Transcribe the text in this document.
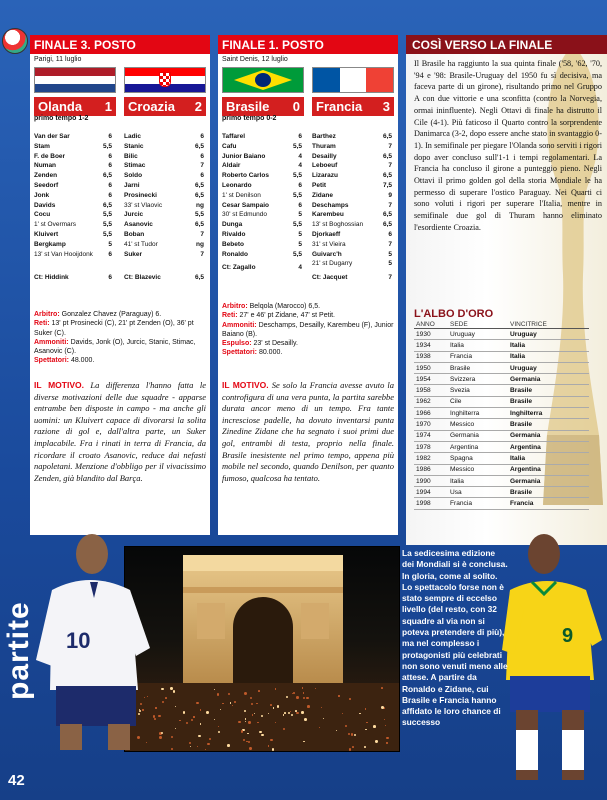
FINALE 3. POSTO
Parigi, 11 luglio
Olanda 1	Croazia 2
primo tempo 1-2
Van der Sar	6
Stam	5,5
F. de Boer	6
Numan	6
Zenden	6,5
Seedorf	6
Jonk	6
Davids	6,5
Cocu	5,5
1' st Overmars	5,5
Kluivert	5,5
Bergkamp	5
13' st Van Hooijdonk 6
Ct: Hiddink	6
Ladic	6
Stanic	6,5
Bilic	6
Stimac	7
Soldo	6
Jarni	6,5
Prosinecki	6,5
33' st Vlaovic	ng
Jurcic	5,5
Asanovic	6,5
Boban	7
41' st Tudor	ng
Suker	7
Ct: Blazevic	6,5
Arbitro: Gonzalez Chavez (Paraguay) 6.
Reti: 13' pt Prosinecki (C), 21' pt Zenden (O), 36' pt Suker (C).
Ammoniti: Davids, Jonk (O), Jurcic, Stanic, Stimac, Asanovic (C).
Spettatori: 48.000.
IL MOTIVO. La differenza l'hanno fatta le diverse motivazioni delle due squadre - apparse entrambe ben disposte in campo - ma anche gli uomini: un Kluivert capace di divorarsi la solita razione di gol e, dall'altra parte, un Suker implacabile. Fra i rinati in terra di Francia, da ricordare il croato Asanovic, reduce dai nefasti napoletani. Menzione d'obbligo per il vivacissimo Zenden, già blandito dal Barça.
FINALE 1. POSTO
Saint Denis, 12 luglio
Brasile 0	Francia 3
primo tempo 0-2
Taffarel	6
Cafu	5,5
Junior Baiano	4
Aldair	4
Roberto Carlos	5,5
Leonardo	6
1' st Denilson	5,5
Cesar Sampaio	6
30' st Edmundo	5
Dunga	5,5
Rivaldo	5
Bebeto	5
Ronaldo	5,5
Ct: Zagallo	4
Barthez	6,5
Thuram	7
Desailly	6,5
Leboeuf	7
Lizarazu	6,5
Petit	7,5
Zidane	9
Deschamps	7
Karembeu	6,5
13' st Boghossian	6,5
Djorkaeff	6
31' st Vieira	7
Guivarc'h	5
21' st Dugarry	5
Ct: Jacquet	7
Arbitro: Belqola (Marocco) 6,5.
Reti: 27' e 46' pt Zidane, 47' st Petit.
Ammoniti: Deschamps, Desailly, Karembeu (F), Junior Baiano (B).
Espulso: 23' st Desailly.
Spettatori: 80.000.
IL MOTIVO. Se solo la Francia avesse avuto la controfigura di una vera punta, la partita sarebbe durata ancor meno di un tempo. Fra tante incresciose padelle, ha dovuto inventarsi punta Zinedine Zidane che ha segnato i suoi primi due gol, entrambi di testa, proprio nella finale. Brasile inesistente nel primo tempo, appena più mobile nel secondo, quando Denilson, per quanto fumoso, qualcosa ha tentato.
COSÌ VERSO LA FINALE
Il Brasile ha raggiunto la sua quinta finale ('58, '62, '70, '94 e '98: Brasile-Uruguay del 1950 fu sì decisiva, ma faceva parte di un girone), risultando primo nel Gruppo A con due vittorie e una sconfitta (contro la Norvegia, ormai ininfluente). Negli Ottavi di finale ha distrutto il Cile (4-1). Più faticoso il Quarto contro la sorprendente Danimarca (3-2, dopo essere anche stato in svantaggio 0-1). In semifinale per piegare l'Olanda sono serviti i rigori dopo aver concluso sull'1-1 i tempi regolamentari. La Francia ha concluso il girone a punteggio pieno. Negli Ottavi il primo golden gol della storia Mondiale le ha permesso di superare l'ostico Paraguay. Nei Quarti ci sono voluti i rigori per superare l'Italia, mentre in semifinale due gol di Thuram hanno eliminato l'esordiente Croazia.
L'ALBO D'ORO
ANNO	SEDE	VINCITRICE
1930	Uruguay	Uruguay
1934	Italia	Italia
1938	Francia	Italia
1950	Brasile	Uruguay
1954	Svizzera	Germania
1958	Svezia	Brasile
1962	Cile	Brasile
1966	Inghilterra	Inghilterra
1970	Messico	Brasile
1974	Germania	Germania
1978	Argentina	Argentina
1982	Spagna	Italia
1986	Messico	Argentina
1990	Italia	Germania
1994	Usa	Brasile
1998	Francia	Francia
partite
42
10	9
La sedicesima edizione dei Mondiali si è conclusa. In gloria, come al solito. Lo spettacolo forse non è stato sempre di eccelso livello (del resto, con 32 squadre al via non si poteva pretendere di più), ma nel complesso i protagonisti più celebrati non sono venuti meno alle attese. A partire da Ronaldo e Zidane, cui Brasile e Francia hanno affidato le loro chance di successo
